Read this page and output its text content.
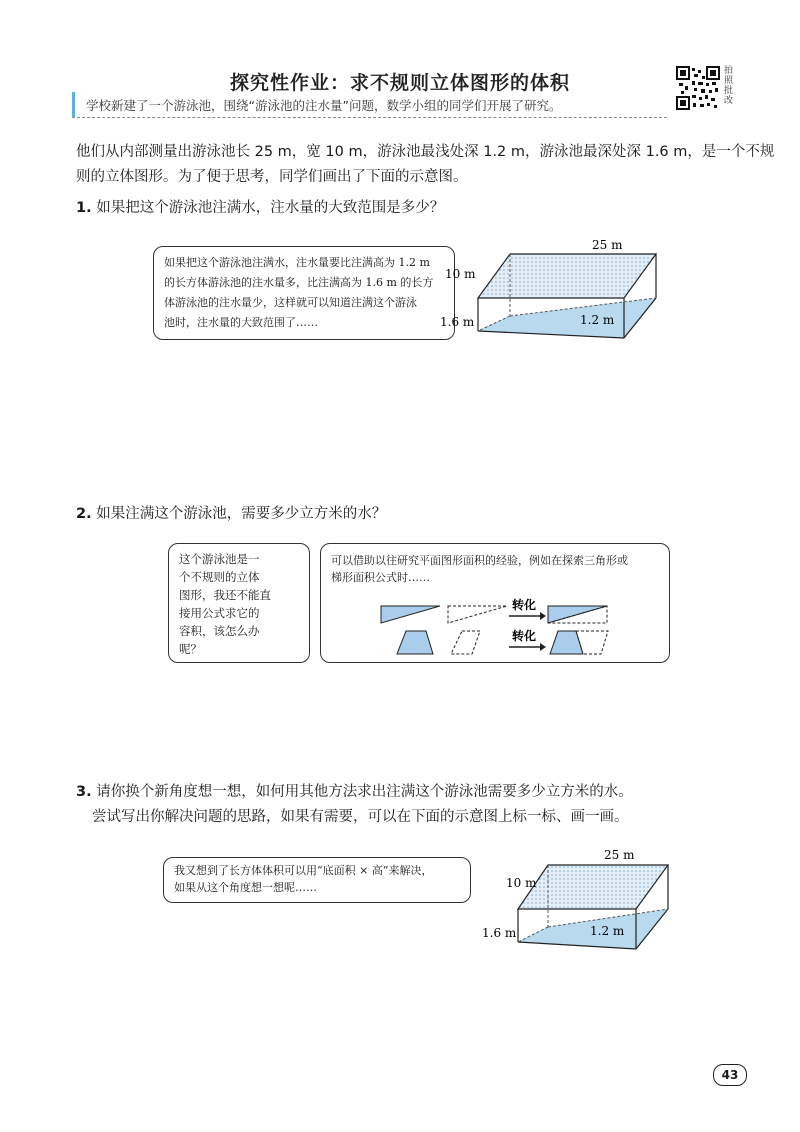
探究性作业：求不规则立体图形的体积
拍照批改
学校新建了一个游泳池，围绕“游泳池的注水量”问题，数学小组的同学们开展了研究。
他们从内部测量出游泳池长 25 m，宽 10 m，游泳池最浅处深 1.2 m，游泳池最深处深 1.6 m，是一个不规
则的立体图形。为了便于思考，同学们画出了下面的示意图。
1. 如果把这个游泳池注满水，注水量的大致范围是多少？
如果把这个游泳池注满水，注水量要比注满高为 1.2 m
的长方体游泳池的注水量多，比注满高为 1.6 m 的长方
体游泳池的注水量少，这样就可以知道注满这个游泳
池时，注水量的大致范围了……
25 m
10 m
1.6 m	1.2 m
2. 如果注满这个游泳池，需要多少立方米的水？
这个游泳池是一
个不规则的立体
图形，我还不能直
接用公式求它的
容积，该怎么办
呢？
可以借助以往研究平面图形面积的经验，例如在探索三角形或
梯形面积公式时……
转化
转化
3. 请你换个新角度想一想，如何用其他方法求出注满这个游泳池需要多少立方米的水。
尝试写出你解决问题的思路，如果有需要，可以在下面的示意图上标一标、画一画。
我又想到了长方体体积可以用“底面积 × 高”来解决，
如果从这个角度想一想呢……
25 m
10 m
1.6 m	1.2 m
43
